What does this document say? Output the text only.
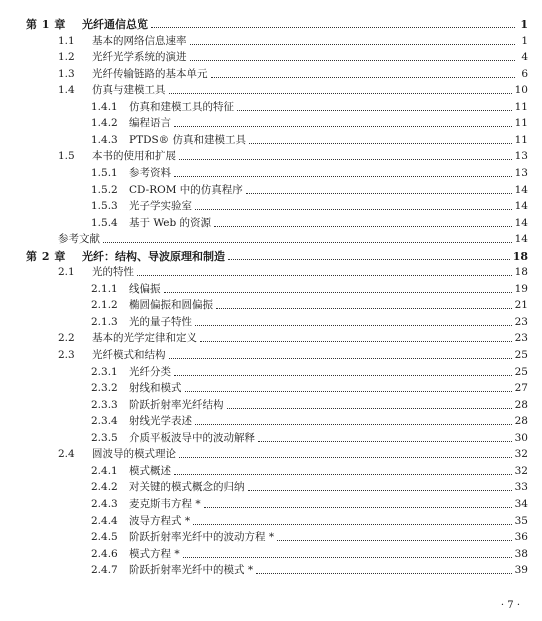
第 1 章	光纤通信总览	1
1.1	基本的网络信息速率	1
1.2	光纤光学系统的演进	4
1.3	光纤传输链路的基本单元	6
1.4	仿真与建模工具	10
1.4.1	仿真和建模工具的特征	11
1.4.2	编程语言	11
1.4.3	PTDS® 仿真和建模工具	11
1.5	本书的使用和扩展	13
1.5.1	参考资料	13
1.5.2	CD-ROM 中的仿真程序	14
1.5.3	光子学实验室	14
1.5.4	基于 Web 的资源	14
参考文献	14
第 2 章	光纤：结构、导波原理和制造	18
2.1	光的特性	18
2.1.1	线偏振	19
2.1.2	椭圆偏振和圆偏振	21
2.1.3	光的量子特性	23
2.2	基本的光学定律和定义	23
2.3	光纤模式和结构	25
2.3.1	光纤分类	25
2.3.2	射线和模式	27
2.3.3	阶跃折射率光纤结构	28
2.3.4	射线光学表述	28
2.3.5	介质平板波导中的波动解释	30
2.4	圆波导的模式理论	32
2.4.1	模式概述	32
2.4.2	对关键的模式概念的归纳	33
2.4.3	麦克斯韦方程 *	34
2.4.4	波导方程式 *	35
2.4.5	阶跃折射率光纤中的波动方程 *	36
2.4.6	模式方程 *	38
2.4.7	阶跃折射率光纤中的模式 *	39
· 7 ·
